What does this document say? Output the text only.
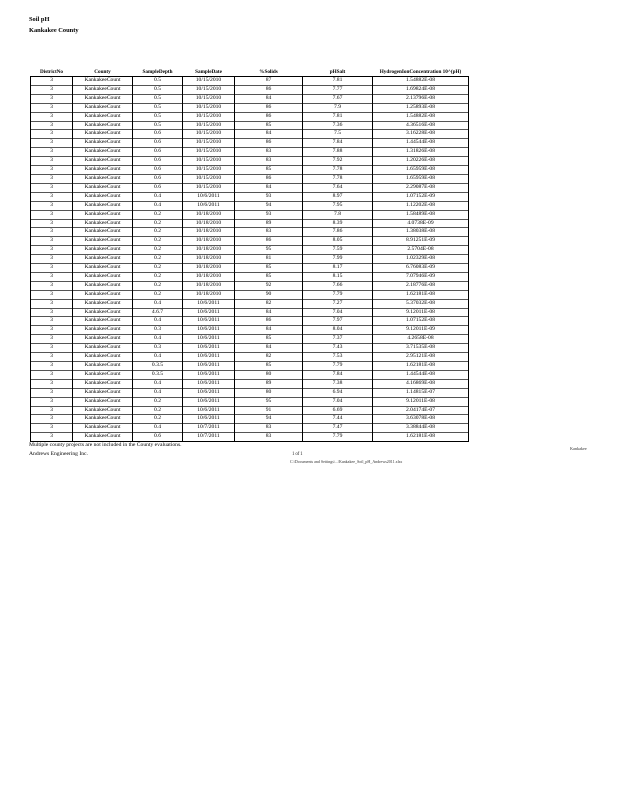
Soil pH
Kankakee County
DistrictNo	County	SampleDepth	SampleDate	%Solids	pHSalt	HydrogenIonConcentration 10^(pH)
3	KankakeeCount	0.5	10/15/2010	87	7.81	1.54882E-08
3	KankakeeCount	0.5	10/15/2010	86	7.77	1.69824E-08
3	KankakeeCount	0.5	10/15/2010	84	7.67	2.13796E-08
3	KankakeeCount	0.5	10/15/2010	86	7.9	1.25893E-08
3	KankakeeCount	0.5	10/15/2010	86	7.81	1.54882E-08
3	KankakeeCount	0.5	10/15/2010	85	7.36	4.36516E-08
3	KankakeeCount	0.6	10/15/2010	84	7.5	3.16228E-08
3	KankakeeCount	0.6	10/15/2010	86	7.84	1.44544E-08
3	KankakeeCount	0.6	10/15/2010	83	7.88	1.31826E-08
3	KankakeeCount	0.6	10/15/2010	83	7.92	1.20226E-08
3	KankakeeCount	0.6	10/15/2010	85	7.78	1.65959E-08
3	KankakeeCount	0.6	10/15/2010	86	7.78	1.65959E-08
3	KankakeeCount	0.6	10/15/2010	84	7.64	2.29087E-08
3	KankakeeCount	0.4	10/6/2011	93	8.97	1.07152E-09
3	KankakeeCount	0.4	10/6/2011	94	7.95	1.12202E-08
3	KankakeeCount	0.2	10/18/2010	93	7.8	1.58489E-08
3	KankakeeCount	0.2	10/18/2010	89	8.39	4.0738E-09
3	KankakeeCount	0.2	10/18/2010	83	7.86	1.38038E-08
3	KankakeeCount	0.2	10/18/2010	86	8.05	8.91251E-09
3	KankakeeCount	0.2	10/18/2010	95	7.59	2.5704E-08
3	KankakeeCount	0.2	10/18/2010	81	7.99	1.02329E-08
3	KankakeeCount	0.2	10/18/2010	85	8.17	6.76083E-09
3	KankakeeCount	0.2	10/18/2010	85	8.15	7.07946E-09
3	KankakeeCount	0.2	10/18/2010	92	7.66	2.18776E-08
3	KankakeeCount	0.2	10/18/2010	90	7.79	1.62181E-08
3	KankakeeCount	0.4	10/6/2011	82	7.27	5.37032E-08
3	KankakeeCount	4.6.7	10/6/2011	84	7.04	9.12011E-08
3	KankakeeCount	0.4	10/6/2011	86	7.97	1.07152E-08
3	KankakeeCount	0.3	10/6/2011	84	8.04	9.12011E-09
3	KankakeeCount	0.4	10/6/2011	85	7.37	4.2658E-08
3	KankakeeCount	0.3	10/6/2011	84	7.43	3.71535E-08
3	KankakeeCount	0.4	10/6/2011	82	7.53	2.95121E-08
3	KankakeeCount	0.3.5	10/6/2011	85	7.79	1.62181E-08
3	KankakeeCount	0.3.5	10/6/2011	80	7.84	1.44544E-08
3	KankakeeCount	0.4	10/6/2011	89	7.38	4.16869E-08
3	KankakeeCount	0.4	10/6/2011	80	6.94	1.14815E-07
3	KankakeeCount	0.2	10/6/2011	95	7.04	9.12011E-08
3	KankakeeCount	0.2	10/6/2011	91	6.69	2.04174E-07
3	KankakeeCount	0.2	10/6/2011	94	7.44	3.63078E-08
3	KankakeeCount	0.4	10/7/2011	83	7.47	3.38844E-08
3	KankakeeCount	0.6	10/7/2011	83	7.79	1.62181E-08
Multiple county projects are not included in the County evaluations.
Andrews Engineering Inc.	1 of 1
Kankakee
C:\Documents and Settings\...\Kankakee_Soil_pH_Andrews2011.xlsx
